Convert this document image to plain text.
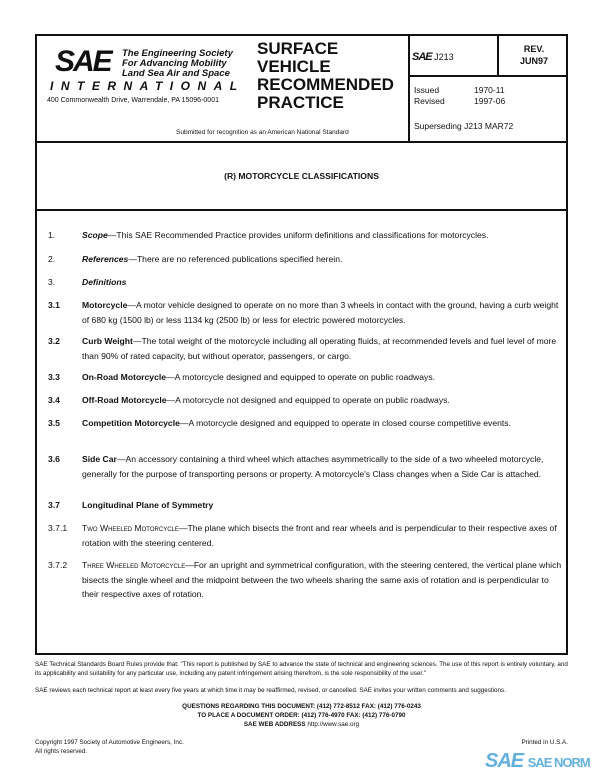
SAE The Engineering Society
For Advancing Mobility
Land Sea Air and Space
INTERNATIONAL
400 Commonwealth Drive, Warrendale, PA 15096-0001
SURFACE
VEHICLE
RECOMMENDED
PRACTICE
Submitted for recognition as an American National Standard
SAE J213
REV.
JUN97
Issued	1970-11
Revised	1997-06
Superseding J213 MAR72
(R) MOTORCYCLE CLASSIFICATIONS
1.	Scope—This SAE Recommended Practice provides uniform definitions and classifications for motorcycles.
2.	References—There are no referenced publications specified herein.
3.	Definitions
3.1	Motorcycle—A motor vehicle designed to operate on no more than 3 wheels in contact with the ground, having a curb weight of 680 kg (1500 lb) or less 1134 kg (2500 lb) or less for electric powered motorcycles.
3.2	Curb Weight—The total weight of the motorcycle including all operating fluids, at recommended levels and fuel level of more than 90% of rated capacity, but without operator, passengers, or cargo.
3.3	On-Road Motorcycle—A motorcycle designed and equipped to operate on public roadways.
3.4	Off-Road Motorcycle—A motorcycle not designed and equipped to operate on public roadways.
3.5	Competition Motorcycle—A motorcycle designed and equipped to operate in closed course competitive events.
3.6	Side Car—An accessory containing a third wheel which attaches asymmetrically to the side of a two wheeled motorcycle, generally for the purpose of transporting persons or property. A motorcycle's Class changes when a Side Car is attached.
3.7	Longitudinal Plane of Symmetry
3.7.1 Two Wheeled Motorcycle—The plane which bisects the front and rear wheels and is perpendicular to their respective axes of rotation with the steering centered.
3.7.2 Three Wheeled Motorcycle—For an upright and symmetrical configuration, with the steering centered, the vertical plane which bisects the single wheel and the midpoint between the two wheels sharing the same axis of rotation and is perpendicular to their respective axes of rotation.
SAE Technical Standards Board Rules provide that: "This report is published by SAE to advance the state of technical and engineering sciences. The use of this report is entirely voluntary, and its applicability and suitability for any particular use, including any patent infringement arising therefrom, is the sole responsibility of the user."
SAE reviews each technical report at least every five years at which time it may be reaffirmed, revised, or cancelled. SAE invites your written comments and suggestions.
QUESTIONS REGARDING THIS DOCUMENT: (412) 772-8512 FAX: (412) 776-0243
TO PLACE A DOCUMENT ORDER: (412) 776-4970 FAX: (412) 776-0790
SAE WEB ADDRESS http://www.sae.org
Copyright 1997 Society of Automotive Engineers, Inc.
All rights reserved.
Printed in U.S.A.
SAE SAE NORM
